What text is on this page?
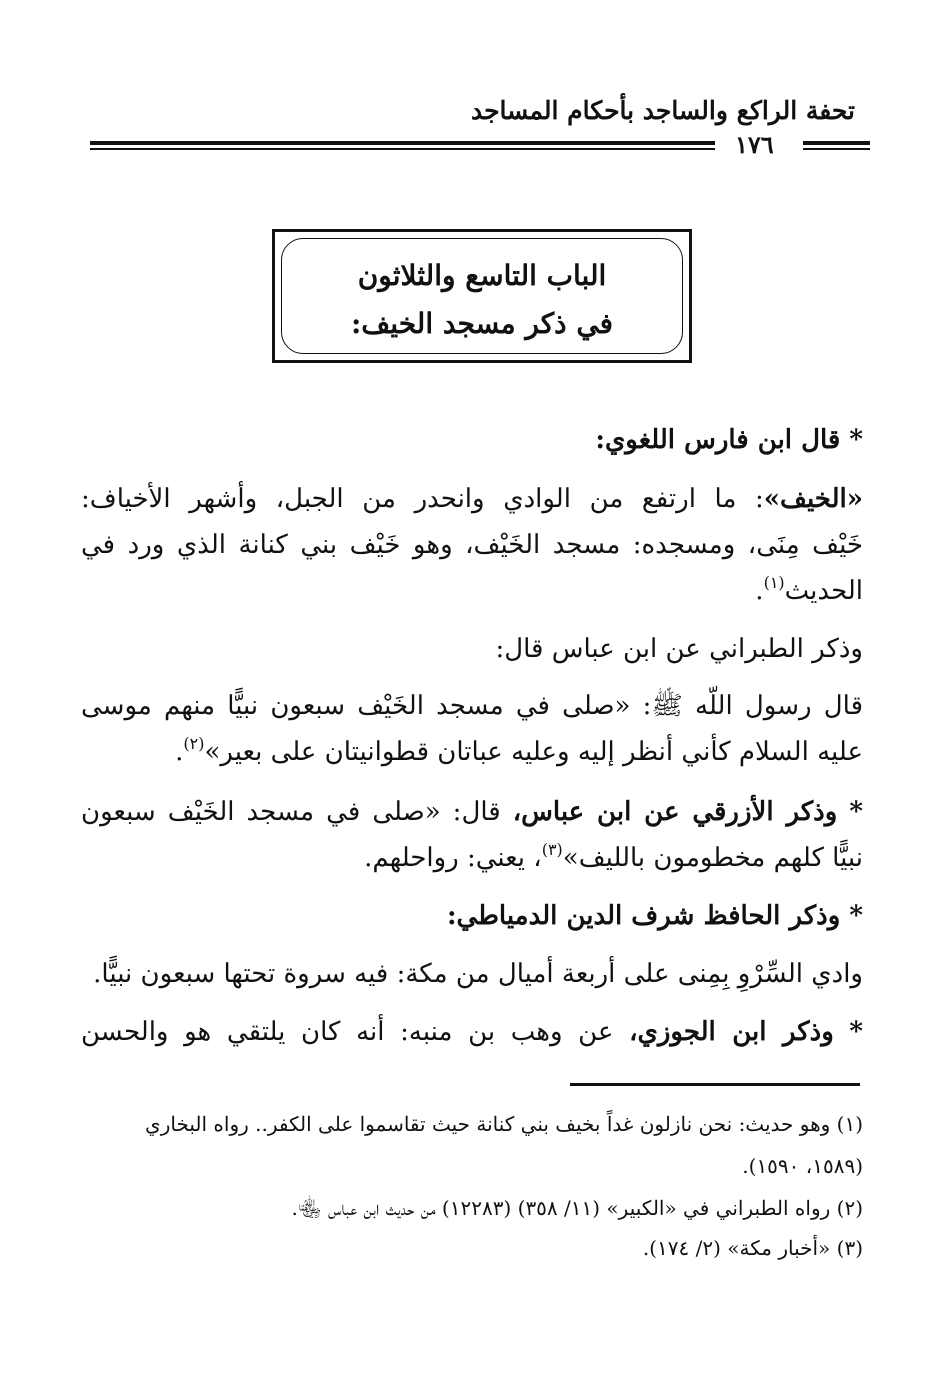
تحفة الراكع والساجد بأحكام المساجد
١٧٦
الباب التاسع والثلاثون
في ذكر مسجد الخيف:
* قال ابن فارس اللغوي:
«الخيف»: ما ارتفع من الوادي وانحدر من الجبل، وأشهر الأخياف:
خَيْف مِنَى، ومسجده: مسجد الخَيْف، وهو خَيْف بني كنانة الذي ورد في
الحديث$^{(١)}$.
وذكر الطبراني عن ابن عباس قال:
قال رسول اللّه ﷺ: «صلى في مسجد الخَيْف سبعون نبيًّا منهم موسى
عليه السلام كأني أنظر إليه وعليه عباتان قطوانيتان على بعير»$^{(٢)}$.
* وذكر الأزرقي عن ابن عباس، قال: «صلى في مسجد الخَيْف سبعون
نبيًّا كلهم مخطومون بالليف»$^{(٣)}$، يعني: رواحلهم.
* وذكر الحافظ شرف الدين الدمياطي:
وادي السِّرْوِ بِمِنى على أربعة أميال من مكة: فيه سروة تحتها سبعون نبيًّا.
* وذكر ابن الجوزي، عن وهب بن منبه: أنه كان يلتقي هو والحسن
(١) وهو حديث: نحن نازلون غداً بخيف بني كنانة حيث تقاسموا على الكفر.. رواه البخاري
(١٥٨٩، ١٥٩٠).
(٢) رواه الطبراني في «الكبير» (١١/ ٣٥٨) (١٢٢٨٣) من حديث ابن عباس ﵄.
(٣) «أخبار مكة» (٢/ ١٧٤).
